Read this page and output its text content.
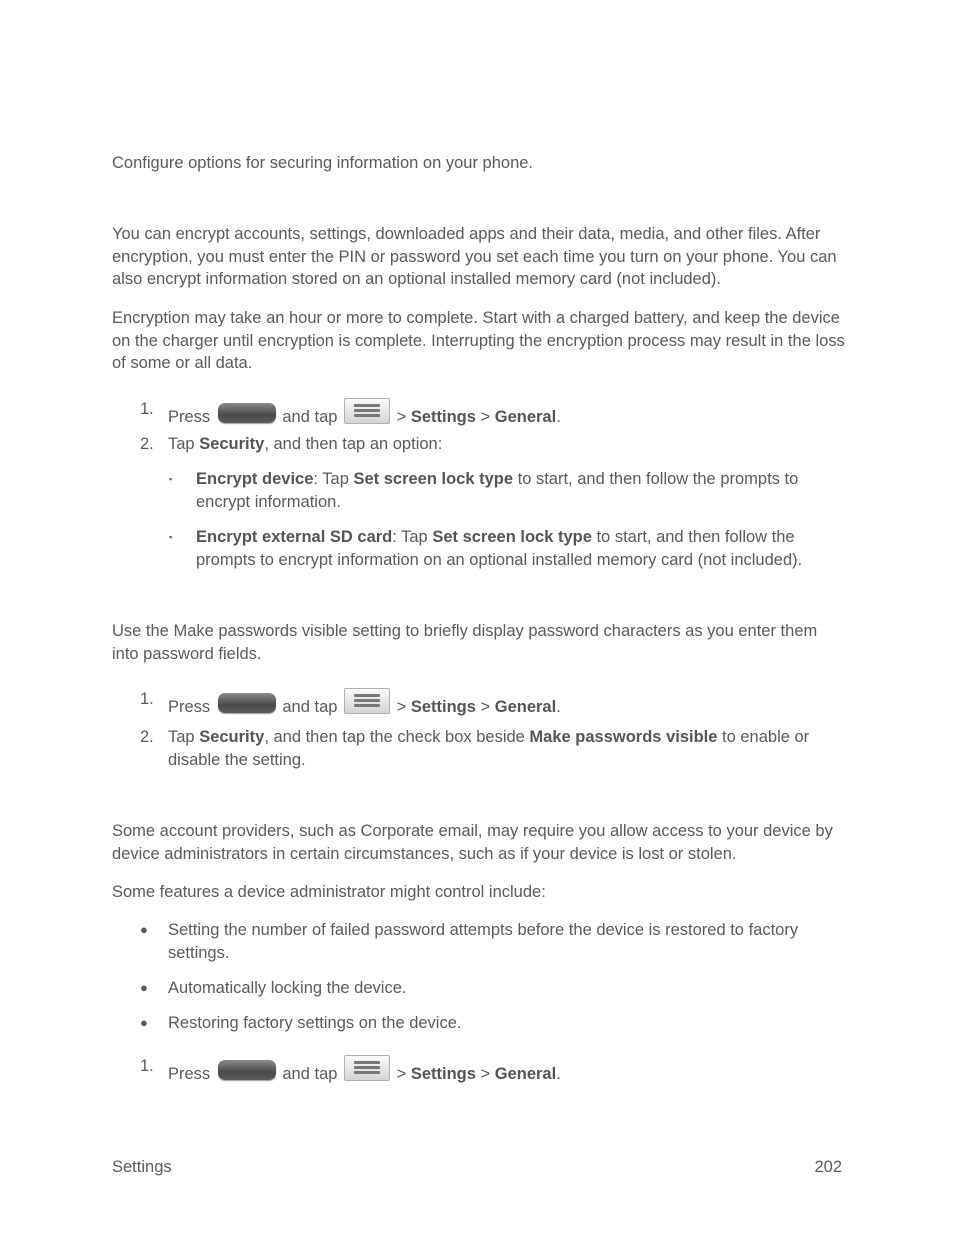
Configure options for securing information on your phone.

You can encrypt accounts, settings, downloaded apps and their data, media, and other files. After encryption, you must enter the PIN or password you set each time you turn on your phone. You can also encrypt information stored on an optional installed memory card (not included).

Encryption may take an hour or more to complete. Start with a charged battery, and keep the device on the charger until encryption is complete. Interrupting the encryption process may result in the loss of some or all data.

1. Press	and tap	> Settings > General.
2. Tap Security, and then tap an option:
▪ Encrypt device: Tap Set screen lock type to start, and then follow the prompts to encrypt information.
▪ Encrypt external SD card: Tap Set screen lock type to start, and then follow the prompts to encrypt information on an optional installed memory card (not included).

Use the Make passwords visible setting to briefly display password characters as you enter them into password fields.

1. Press	and tap	> Settings > General.
2. Tap Security, and then tap the check box beside Make passwords visible to enable or disable the setting.

Some account providers, such as Corporate email, may require you allow access to your device by device administrators in certain circumstances, such as if your device is lost or stolen.

Some features a device administrator might control include:

● Setting the number of failed password attempts before the device is restored to factory settings.
● Automatically locking the device.
● Restoring factory settings on the device.
1. Press	and tap	> Settings > General.
Settings	202
